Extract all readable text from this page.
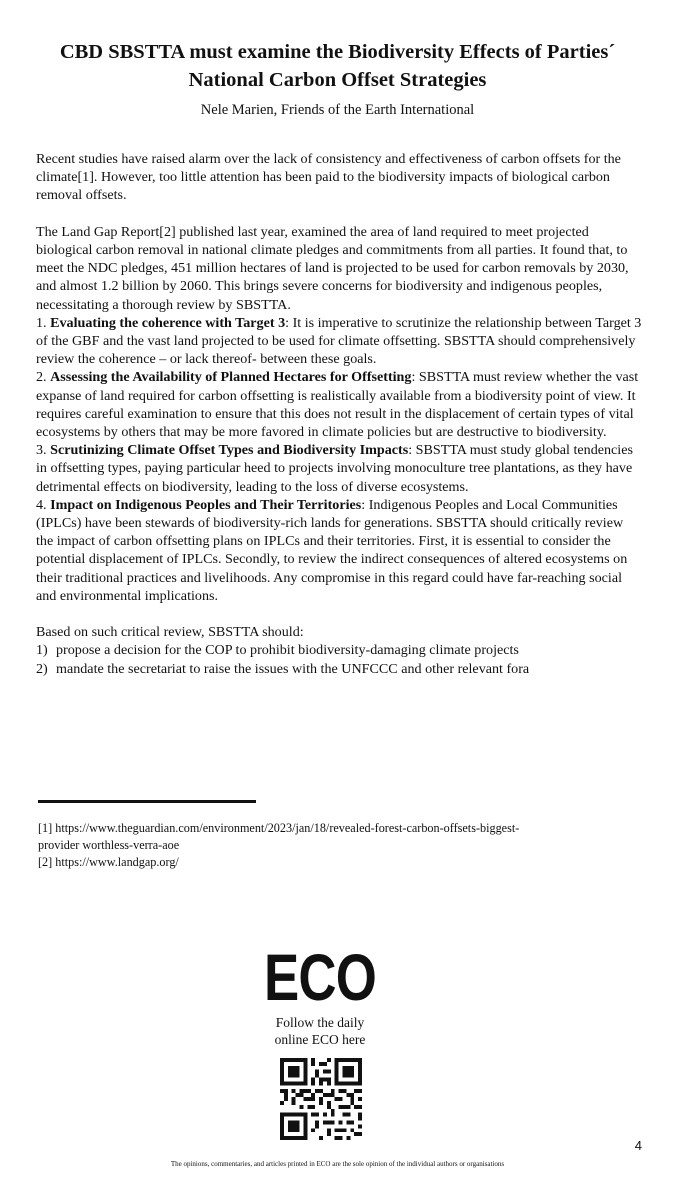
CBD SBSTTA must examine the Biodiversity Effects of Parties´
National Carbon Offset Strategies
Nele Marien, Friends of the Earth International

Recent studies have raised alarm over the lack of consistency and effectiveness of carbon offsets for the climate[1]. However, too little attention has been paid to the biodiversity impacts of biological carbon removal offsets.

The Land Gap Report[2] published last year, examined the area of land required to meet projected biological carbon removal in national climate pledges and commitments from all parties. It found that, to meet the NDC pledges, 451 million hectares of land is projected to be used for carbon removals by 2030, and almost 1.2 billion by 2060. This brings severe concerns for biodiversity and indigenous peoples, necessitating a thorough review by SBSTTA.

1. Evaluating the coherence with Target 3: It is imperative to scrutinize the relationship between Target 3 of the GBF and the vast land projected to be used for climate offsetting. SBSTTA should comprehensively review the coherence – or lack thereof- between these goals.

2. Assessing the Availability of Planned Hectares for Offsetting: SBSTTA must review whether the vast expanse of land required for carbon offsetting is realistically available from a biodiversity point of view. It requires careful examination to ensure that this does not result in the displacement of certain types of vital ecosystems by others that may be more favored in climate policies but are destructive to biodiversity.

3. Scrutinizing Climate Offset Types and Biodiversity Impacts: SBSTTA must study global tendencies in offsetting types, paying particular heed to projects involving monoculture tree plantations, as they have detrimental effects on biodiversity, leading to the loss of diverse ecosystems.

4. Impact on Indigenous Peoples and Their Territories: Indigenous Peoples and Local Communities (IPLCs) have been stewards of biodiversity-rich lands for generations. SBSTTA should critically review the impact of carbon offsetting plans on IPLCs and their territories. First, it is essential to consider the potential displacement of IPLCs. Secondly, to review the indirect consequences of altered ecosystems on their traditional practices and livelihoods. Any compromise in this regard could have far-reaching social and environmental implications.

Based on such critical review, SBSTTA should:

1) propose a decision for the COP to prohibit biodiversity-damaging climate projects
2) mandate the secretariat to raise the issues with the UNFCCC and other relevant fora

[1] https://www.theguardian.com/environment/2023/jan/18/revealed-forest-carbon-offsets-biggest-
provider worthless-verra-aoe

[2] https://www.landgap.org/

ECO
Follow the daily
online ECO here
4
The opinions, commentaries, and articles printed in ECO are the sole opinion of the individual authors or organisations
